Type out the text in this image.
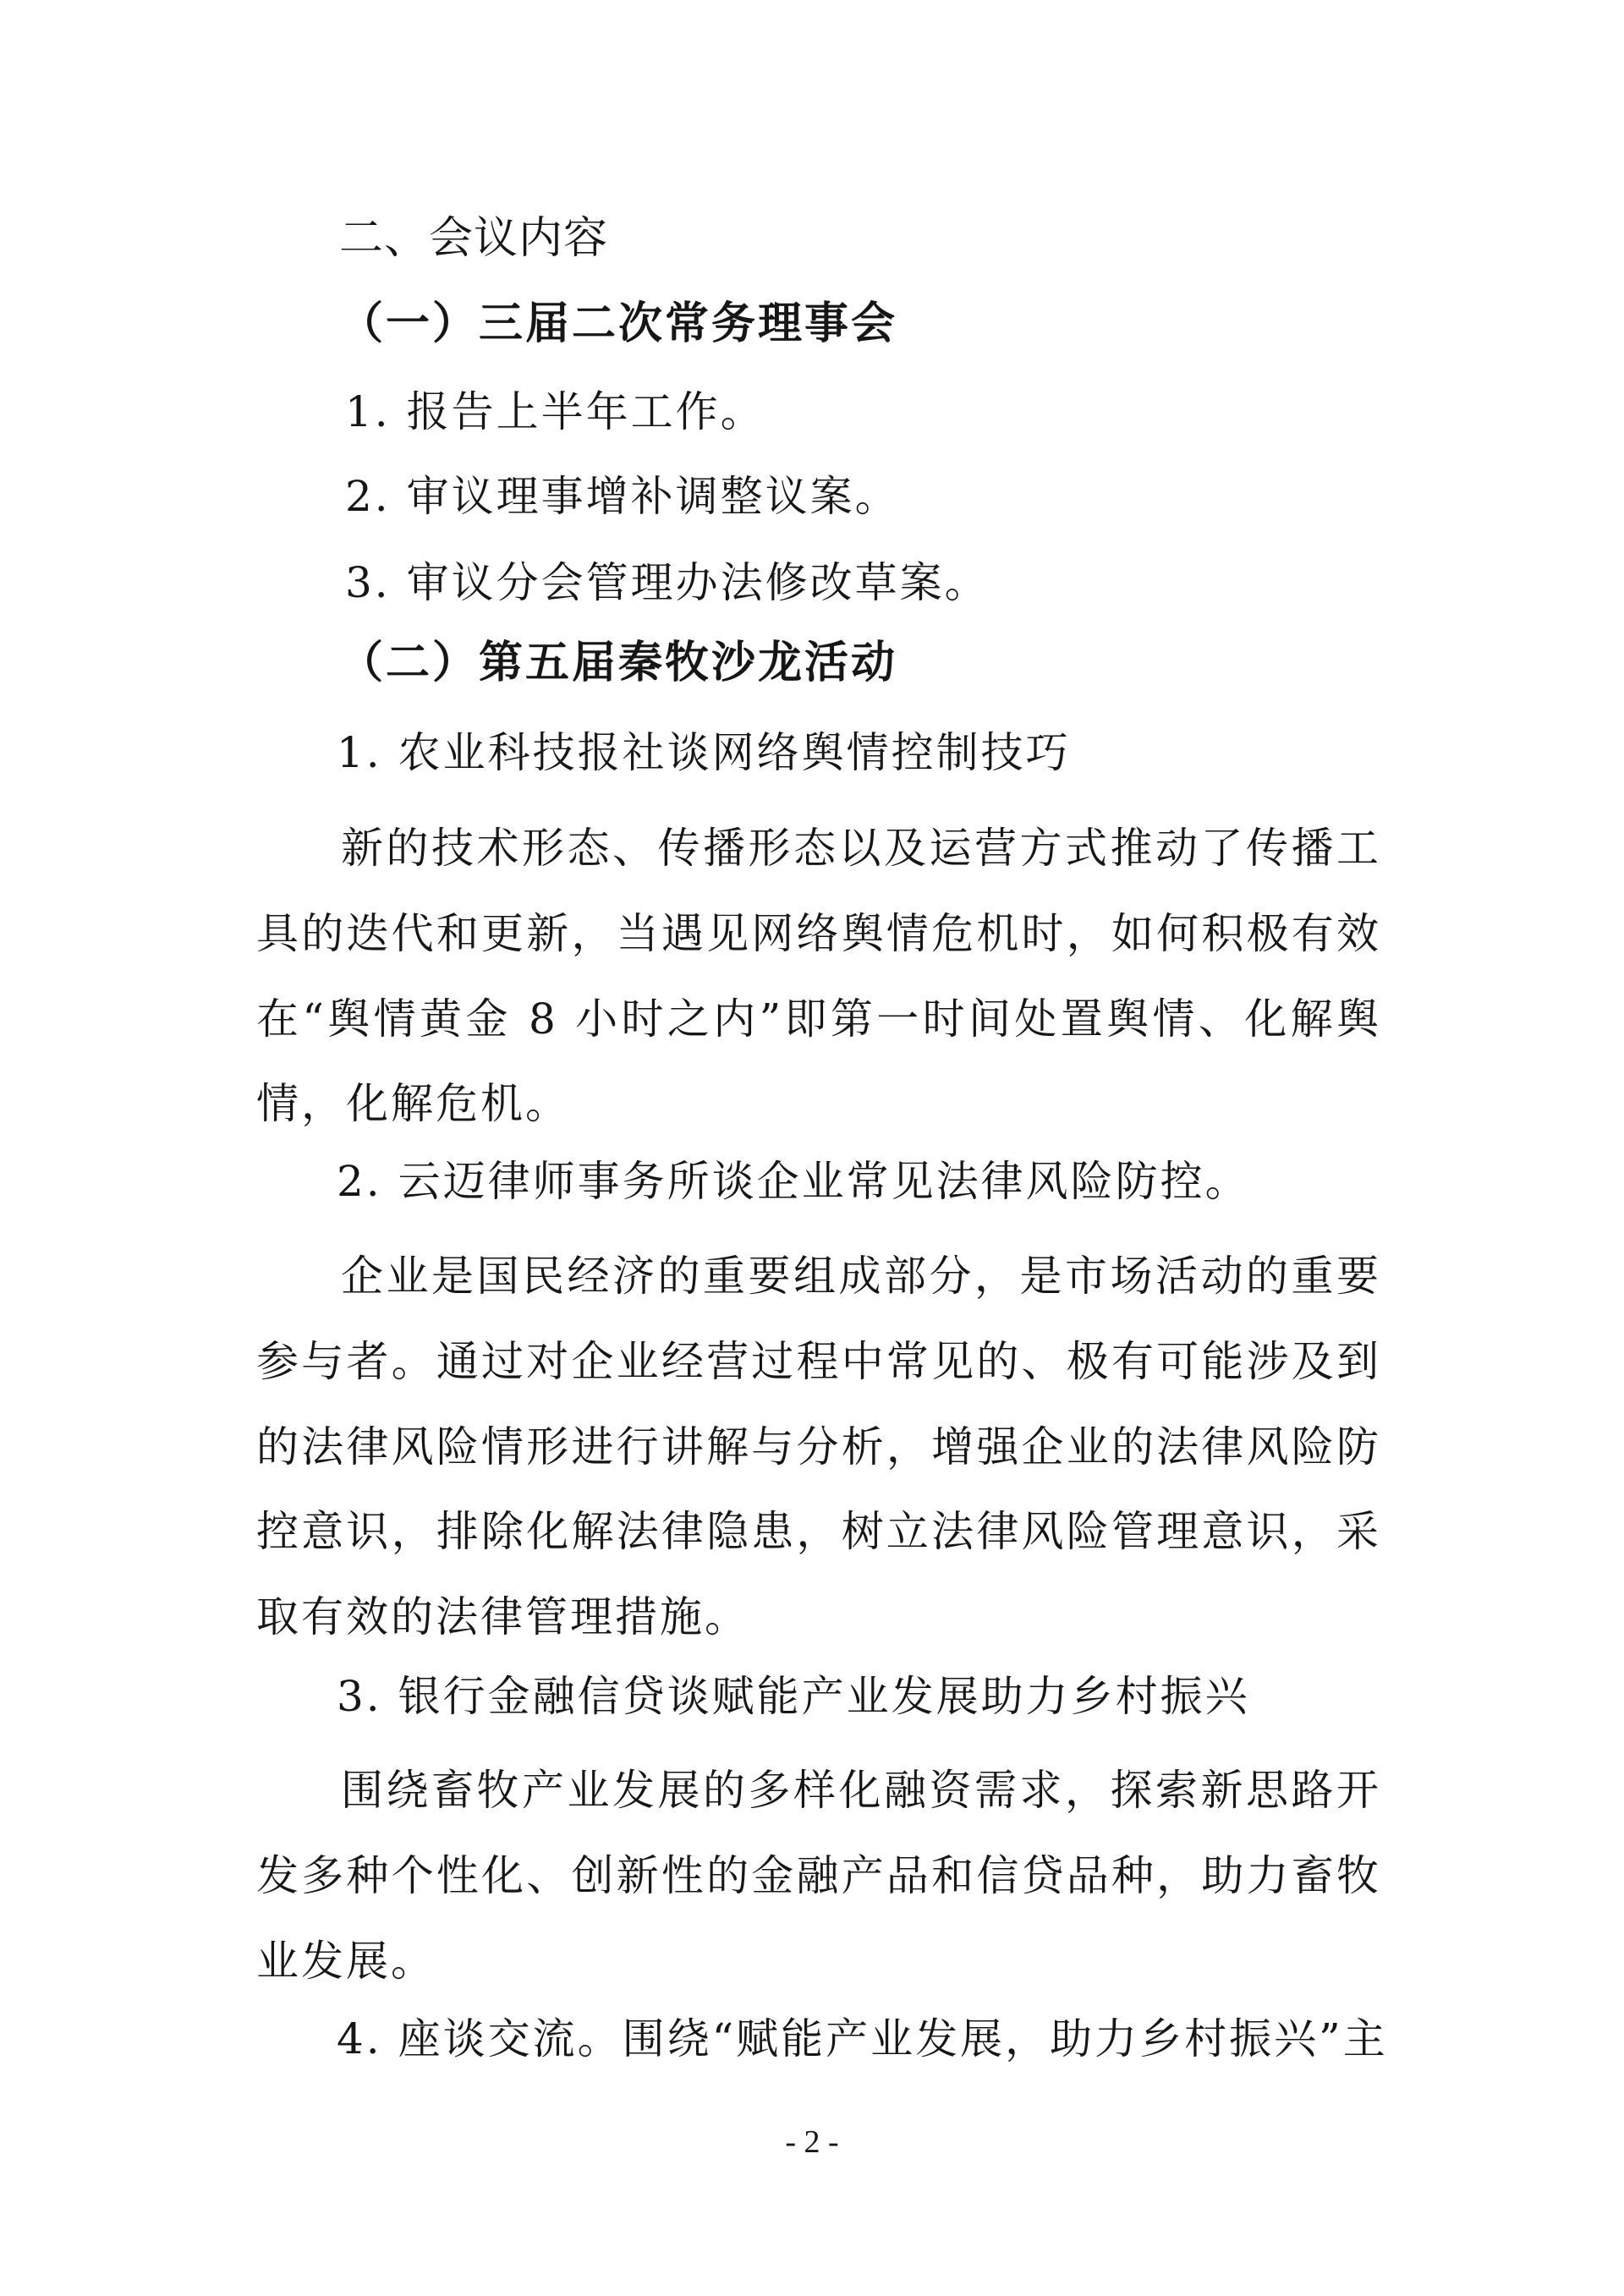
二、会议内容
（一）三届二次常务理事会
1. 报告上半年工作。
2. 审议理事增补调整议案。
3. 审议分会管理办法修改草案。
（二）第五届秦牧沙龙活动
1. 农业科技报社谈网络舆情控制技巧

新的技术形态、传播形态以及运营方式推动了传播工具的迭代和更新，当遇见网络舆情危机时，如何积极有效在“舆情黄金 8 小时之内”即第一时间处置舆情、化解舆情，化解危机。

2. 云迈律师事务所谈企业常见法律风险防控。

企业是国民经济的重要组成部分，是市场活动的重要参与者。通过对企业经营过程中常见的、极有可能涉及到的法律风险情形进行讲解与分析，增强企业的法律风险防控意识，排除化解法律隐患，树立法律风险管理意识，采取有效的法律管理措施。

3. 银行金融信贷谈赋能产业发展助力乡村振兴

围绕畜牧产业发展的多样化融资需求，探索新思路开发多种个性化、创新性的金融产品和信贷品种，助力畜牧业发展。

4. 座谈交流。围绕“赋能产业发展，助力乡村振兴”主
- 2 -
